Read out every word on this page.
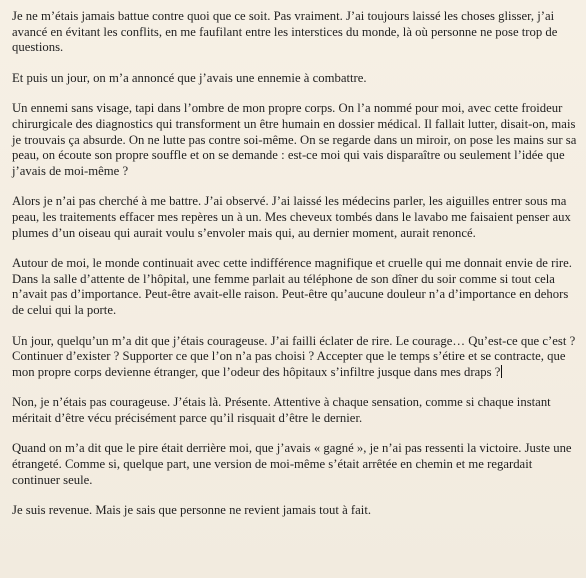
Je ne m’étais jamais battue contre quoi que ce soit. Pas vraiment. J’ai toujours laissé les choses glisser, j’ai avancé en évitant les conflits, en me faufilant entre les interstices du monde, là où personne ne pose trop de questions.

Et puis un jour, on m’a annoncé que j’avais une ennemie à combattre.

Un ennemi sans visage, tapi dans l’ombre de mon propre corps. On l’a nommé pour moi, avec cette froideur chirurgicale des diagnostics qui transforment un être humain en dossier médical. Il fallait lutter, disait-on, mais je trouvais ça absurde. On ne lutte pas contre soi-même. On se regarde dans un miroir, on pose les mains sur sa peau, on écoute son propre souffle et on se demande : est-ce moi qui vais disparaître ou seulement l’idée que j’avais de moi-même ?

Alors je n’ai pas cherché à me battre. J’ai observé. J’ai laissé les médecins parler, les aiguilles entrer sous ma peau, les traitements effacer mes repères un à un. Mes cheveux tombés dans le lavabo me faisaient penser aux plumes d’un oiseau qui aurait voulu s’envoler mais qui, au dernier moment, aurait renoncé.

Autour de moi, le monde continuait avec cette indifférence magnifique et cruelle qui me donnait envie de rire. Dans la salle d’attente de l’hôpital, une femme parlait au téléphone de son dîner du soir comme si tout cela n’avait pas d’importance. Peut-être avait-elle raison. Peut-être qu’aucune douleur n’a d’importance en dehors de celui qui la porte.

Un jour, quelqu’un m’a dit que j’étais courageuse. J’ai failli éclater de rire. Le courage… Qu’est-ce que c’est ? Continuer d’exister ? Supporter ce que l’on n’a pas choisi ? Accepter que le temps s’étire et se contracte, que mon propre corps devienne étranger, que l’odeur des hôpitaux s’infiltre jusque dans mes draps ?

Non, je n’étais pas courageuse. J’étais là. Présente. Attentive à chaque sensation, comme si chaque instant méritait d’être vécu précisément parce qu’il risquait d’être le dernier.

Quand on m’a dit que le pire était derrière moi, que j’avais « gagné », je n’ai pas ressenti la victoire. Juste une étrangeté. Comme si, quelque part, une version de moi-même s’était arrêtée en chemin et me regardait continuer seule.

Je suis revenue. Mais je sais que personne ne revient jamais tout à fait.
